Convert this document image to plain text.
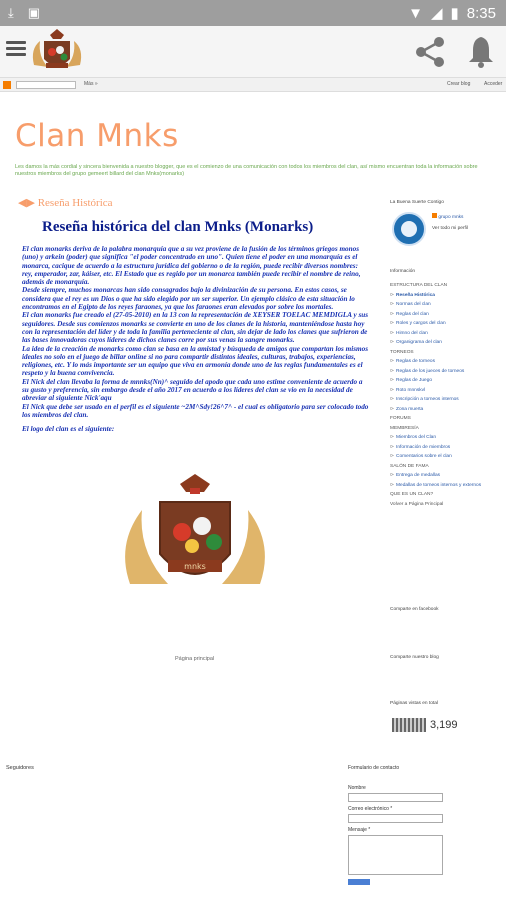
⤓ ▣	▼ ◢ ▮ 8:35
Más »	Crear blog	Acceder
Clan Mnks
Les damos la más cordial y sincera bienvenida a nuestro blogger, que es el comienzo de una comunicación con todos los miembros del clan, así mismo encuentran toda la información sobre nuestros miembros del grupo gemeert billard del clan Mnks(monarks)
◀▶ Reseña Histórica
Reseña histórica del clan Mnks (Monarks)

El clan monarks deriva de la palabra monarquía que a su vez proviene de la fusión de los términos griegos monos (uno) y arkein (poder) que significa "el poder concentrado en uno". Quien tiene el poder en una monarquía es el monarca, cacique de acuerdo a la estructura jurídica del gobierno o de la región, puede recibir diversos nombres: rey, emperador, zar, káiser, etc. El Estado que es regido por un monarca también puede recibir el nombre de reino, además de monarquía.

Desde siempre, muchos monarcas han sido consagrados bajo la divinización de su persona. En estos casos, se considera que el rey es un Dios o que ha sido elegido por un ser superior. Un ejemplo clásico de esta situación lo encontramos en el Egipto de los reyes faraones, ya que los faraones eran elevados por sobre los mortales.

El clan monarks fue creado el (27-05-2010) en la 13 con la representación de XEYSER TOELAC MEMDIGLA y sus seguidores. Desde sus comienzos monarks se convierte en uno de los clanes de la historia, manteniéndose hasta hoy con la representación del líder y de toda la familia perteneciente al clan, sin dejar de lado los clanes que sufrieron de las bases innovadoras cuyos líderes de dichos clanes corre por sus venas la sangre monarks.

La idea de la creación de monarks como clan se basa en la amistad y búsqueda de amigos que compartan los mismos ideales no solo en el juego de billar online si no para compartir distintos ideales, culturas, trabajos, experiencias, religiones, etc. Y lo más importante ser un equipo que viva en armonía donde uno de las reglas fundamentales es el respeto y la buena convivencia.

El Nick del clan llevaba la forma de mnnks(Nn)^ seguido del apodo que cada uno estime conveniente de acuerdo a su gusto y preferencia, sin embargo desde el año 2017 en acuerdo a los líderes del clan se vio en la necesidad de abreviar al siguiente Nick'aqu

El Nick que debe ser usado en el perfil es el siguiente ~2M^Sdy!26^7^ - el cual es obligatorio para ser colocado todo los miembros del clan.

El logo del clan es el siguiente:

mnks
Página principal
La Buena Suerte Contigo
grupo mnks
Ver todo mi perfil
Información
ESTRUCTURA DEL CLAN
⊳ Reseña Histórica
⊳ Normas del clan
⊳ Reglas del clan
⊳ Roles y cargos del clan
⊳ Himno del clan
⊳ Organigrama del clan
TORNEOS
⊳ Reglas de torneos
⊳ Reglas de los jueces de torneos
⊳ Reglas de Juego
⊳ Roto mnnskvl
⊳ Inscripción a torneos internos
⊳ Zona muerta
FORUMS
MEMBRESÍA
⊳ Miembros del Clan
⊳ Información de miembros
⊳ Comentarios sobre el clan
SALÓN DE FAMA
⊳ Entrega de medallas
⊳ Medallas de torneos internos y externos
QUE ES UN CLAN?
Volver a Página Principal
Comparte en facebook
Comparte nuestro blog
Páginas vistas en total
3,199
Seguidores	Formulario de contacto
Nombre
Correo electrónico *
Mensaje *
